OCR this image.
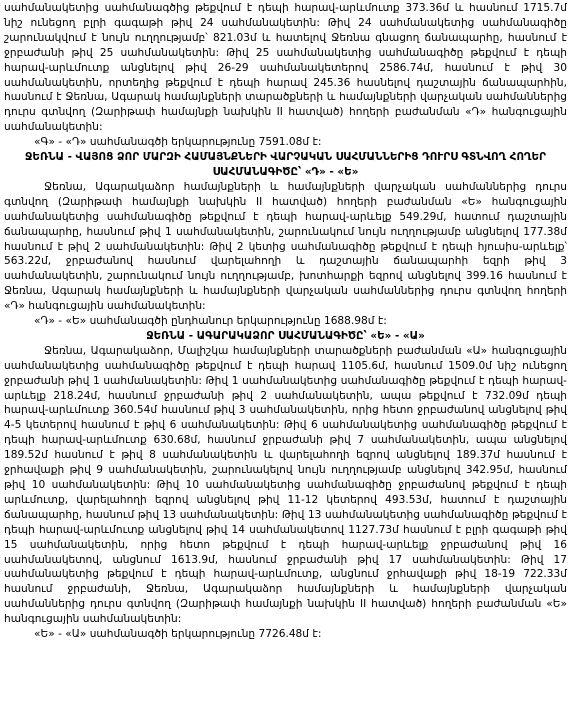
սահմանակետից սահմանագծից թեքվում է դեպի հարավ-արևմուտք 373.36մ և հասնում 1715.7մ նիշ ունեցող բլրի գագաթի թիվ 24 սահմանակետին: Թիվ 24 սահմանակետից սահմանագիծը շարունակվում է նույն ուղղությամբ՝ 821.03մ և հատելով Ջեռնա գնացող ճանապարհը, հասնում է ջրբաժանի թիվ 25 սահմանակետին: Թիվ 25 սահմանակետից սահմանագիծը թեքվում է դեպի հարավ-արևմուտք անցնելով թիվ 26-29 սահմանակետերով 2586.74մ, հասնում է թիվ 30 սահմանակետին, որտեղից թեքվում է դեպի հարավ 245.36 հասնելով դաշտային ճանապարհին, հասնում է Ջեռնա, Ագարակ համայնքների տարածքների և համայնքների վարչական սահմաններից դուրս գտնվող (Զարիթափ համայնքի նախկին II հատված) հողերի բաժանման «Դ» հանգուցային սահմանակետին:

«Գ» - «Դ» սահմանագծի երկարությունը 7591.08մ է:

ՋԵՌՆԱ - ՎԱՅՈՑ ՁՈՐ ՄԱՐԶԻ ՀԱՄԱՅՆՔՆԵՐԻ ՎԱՐՉԱԿԱՆ ՍԱՀՄԱՆՆԵՐԻՑ ԴՈՒՐՍ ԳՏՆՎՈՂ ՀՈՂԵՐ ՍԱՀՄԱՆԱԳԻԾԸ՝ «Դ» - «Ե»

Ջեռնա, Ագարակաձոր համայնքների և համայնքների վարչական սահմաններից դուրս գտնվող (Զարիթափ համայնքի նախկին II հատված) հողերի բաժանման «Ե» հանգուցային սահմանակետից սահմանագիծը թեքվում է դեպի հարավ-արևելք 549.29մ, հատում դաշտային ճանապարհը, հասնում թիվ 1 սահմանակետին, շարունակում նույն ուղղությամբ անցնելով 177.38մ հասնում է թիվ 2 սահմանակետին: Թիվ 2 կետից սահմանագիծը թեքվում է դեպի հյուսիս-արևելք՝ 563.22մ, ջրբաժանով հասնում վարելահողի և դաշտային ճանապարհի եզրի թիվ 3 սահմանակետին, շարունակում նույն ուղղությամբ, խոտհարքի եզրով անցնելով 399.16 հասնում է Ջեռնա, Ագարակ համայնքների և համայնքների վարչական սահմաններից դուրս գտնվող հողերի «Դ» հանգուցային սահմանակետին:

«Դ» - «Ե» սահմանագծի ընդհանուր երկարությունը 1688.98մ է:

ՋԵՌՆԱ - ԱԳԱՐԱԿԱՁՈՐ ՍԱՀՄԱՆԱԳԻԾԸ՝ «Ե» - «Ա»

Ջեռնա, Ագարակաձոր, Մալիշկա համայնքների տարածքների բաժանման «Ա» հանգուցային սահմանակետից սահմանագիծը թեքվում է դեպի հարավ 1105.6մ, հասնում 1509.0մ նիշ ունեցող ջրբաժանի թիվ 1 սահմանակետին: Թիվ 1 սահմանակետից սահմանագիծը թեքվում է դեպի հարավ-արևելք 218.24մ, հասնում ջրբաժանի թիվ 2 սահմանակետին, ապա թեքվում է 732.09մ դեպի հարավ-արևմուտք 360.54մ հասնում թիվ 3 սահմանակետին, որից հետո ջրբաժանով անցնելով թիվ 4-5 կետերով հասնում է թիվ 6 սահմանակետին: Թիվ 6 սահմանակետից սահմանագիծը թեքվում է դեպի հարավ-արևմուտք 630.68մ, հասնում ջրբաժանի թիվ 7 սահմանակետին, ապա անցնելով 189.52մ հասնում է թիվ 8 սահմանակետին և վարելահողի եզրով անցնելով 189.37մ հասնում է ջրհավաքի թիվ 9 սահմանակետին, շարունակելով նույն ուղղությամբ անցնելով 342.95մ, հասնում թիվ 10 սահմանակետին: Թիվ 10 սահմանակետից սահմանագիծը ջրբաժանով թեքվում է դեպի արևմուտք, վարելահողի եզրով անցնելով թիվ 11-12 կետերով 493.53մ, հատում է դաշտային ճանապարհը, հասնում թիվ 13 սահմանակետին: Թիվ 13 սահմանակետից սահմանագիծը թեքվում է դեպի հարավ-արևմուտք անցնելով թիվ 14 սահմանակետով 1127.73մ հասնում է բլրի գագաթի թիվ 15 սահմանակետին, որից հետո թեքվում է դեպի հարավ-արևելք ջրբաժանով թիվ 16 սահմանակետով, անցնում 1613.9մ, հասնում ջրբաժանի թիվ 17 սահմանակետին: Թիվ 17 սահմանակետից թեքվում է դեպի հարավ-արևմուտք, անցնում ջրհավաքի թիվ 18-19 722.33մ հասնում ջրբաժանի, Ջեռնա, Ագարակաձոր համայնքների և համայնքների վարչական սահմաններից դուրս գտնվող (Զարիթափ համայնքի նախկին II հատված) հողերի բաժանման «Ե» հանգուցային սահմանակետին:

«Ե» - «Ա» սահմանագծի երկարությունը 7726.48մ է:
